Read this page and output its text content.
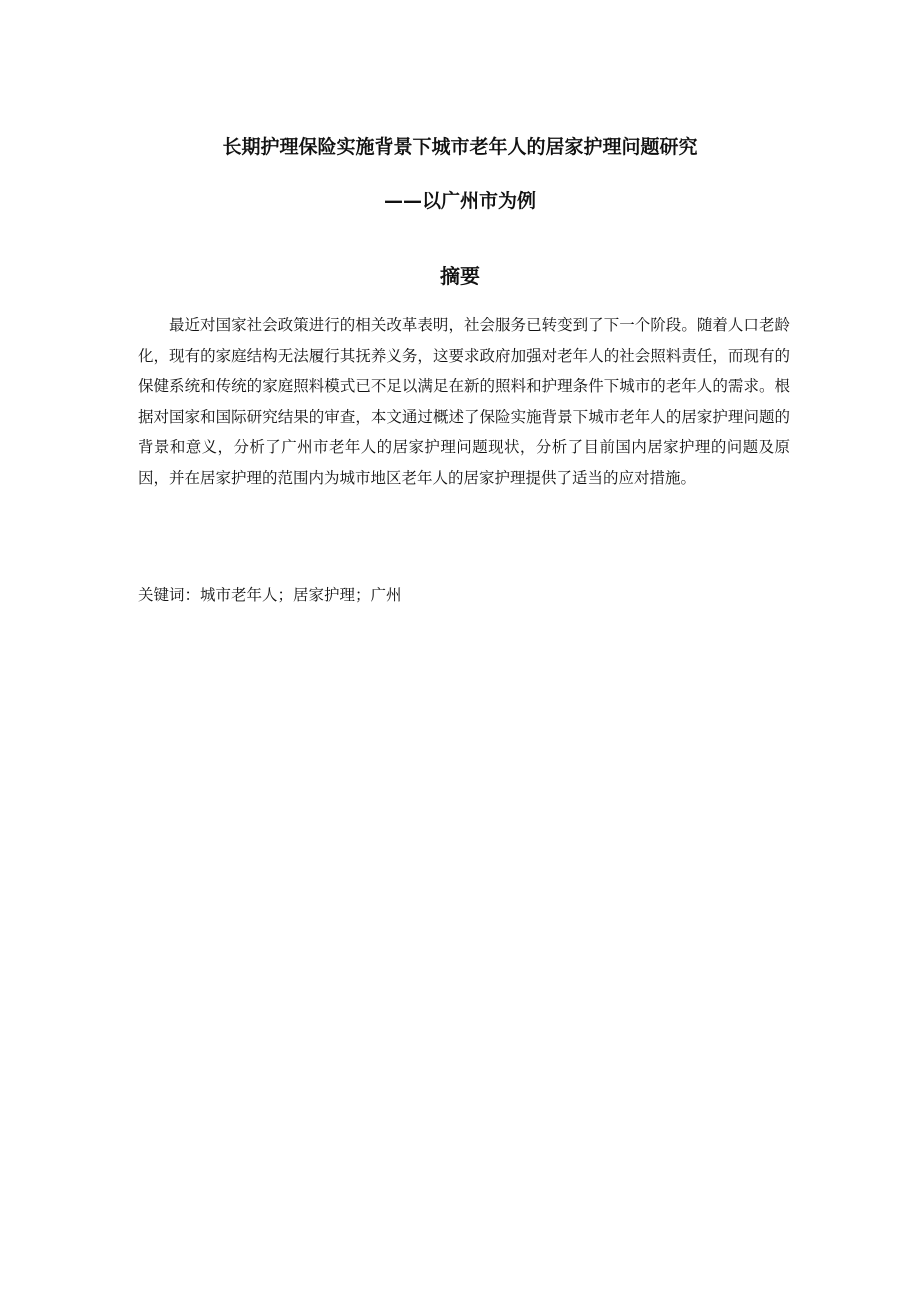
长期护理保险实施背景下城市老年人的居家护理问题研究
——以广州市为例
摘要

最近对国家社会政策进行的相关改革表明，社会服务已转变到了下一个阶段。随着人口老龄化，现有的家庭结构无法履行其抚养义务，这要求政府加强对老年人的社会照料责任，而现有的保健系统和传统的家庭照料模式已不足以满足在新的照料和护理条件下城市的老年人的需求。根据对国家和国际研究结果的审查，本文通过概述了保险实施背景下城市老年人的居家护理问题的背景和意义，分析了广州市老年人的居家护理问题现状，分析了目前国内居家护理的问题及原因，并在居家护理的范围内为城市地区老年人的居家护理提供了适当的应对措施。

关键词：城市老年人；居家护理；广州
